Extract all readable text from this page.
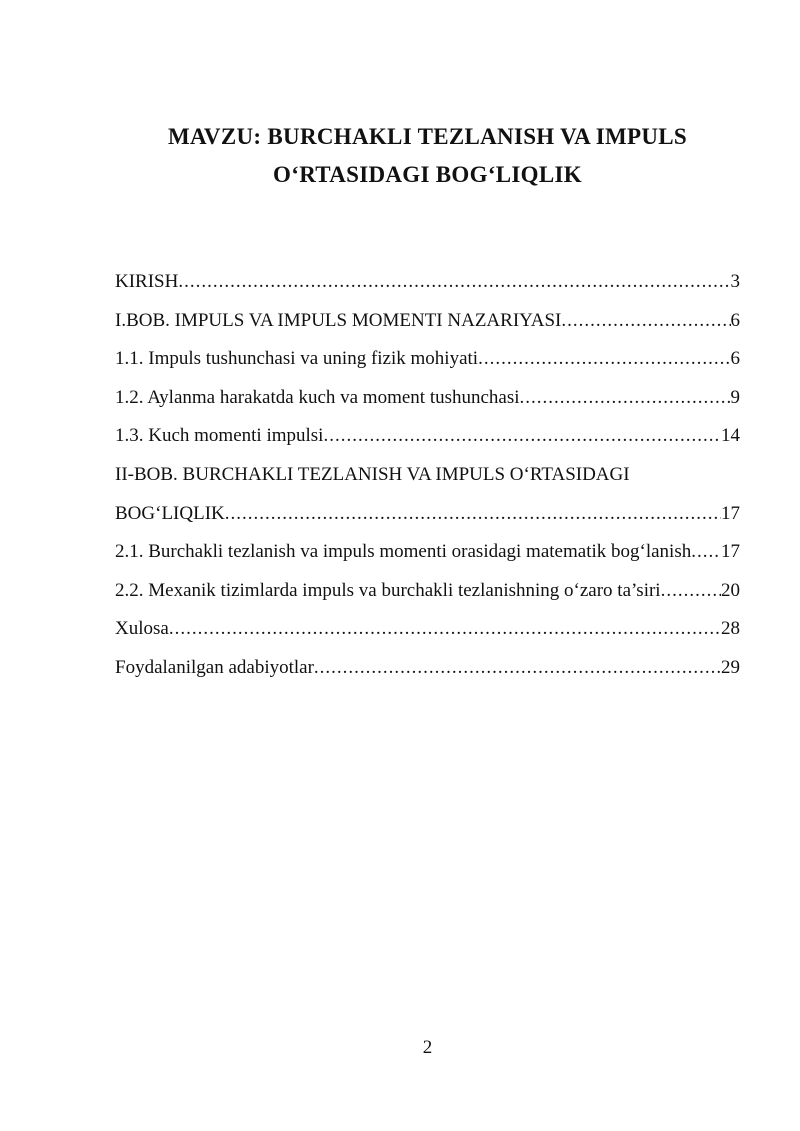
MAVZU: BURCHAKLI TEZLANISH VA IMPULS
O‘RTASIDAGI BOG‘LIQLIK
KIRISH .....	3
I.BOB. IMPULS VA IMPULS MOMENTI NAZARIYASI .....	6
1.1. Impuls tushunchasi va uning fizik mohiyati .....	6
1.2. Aylanma harakatda kuch va moment tushunchasi .....	9
1.3. Kuch momenti impulsi .....	14
II-BOB. BURCHAKLI TEZLANISH VA IMPULS O‘RTASIDAGI
BOG‘LIQLIK .....	17
2.1. Burchakli tezlanish va impuls momenti orasidagi matematik bog‘lanish ..... 17
2.2. Mexanik tizimlarda impuls va burchakli tezlanishning o‘zaro ta’siri .....	20
Xulosa .....	28
Foydalanilgan adabiyotlar .....	29
2
